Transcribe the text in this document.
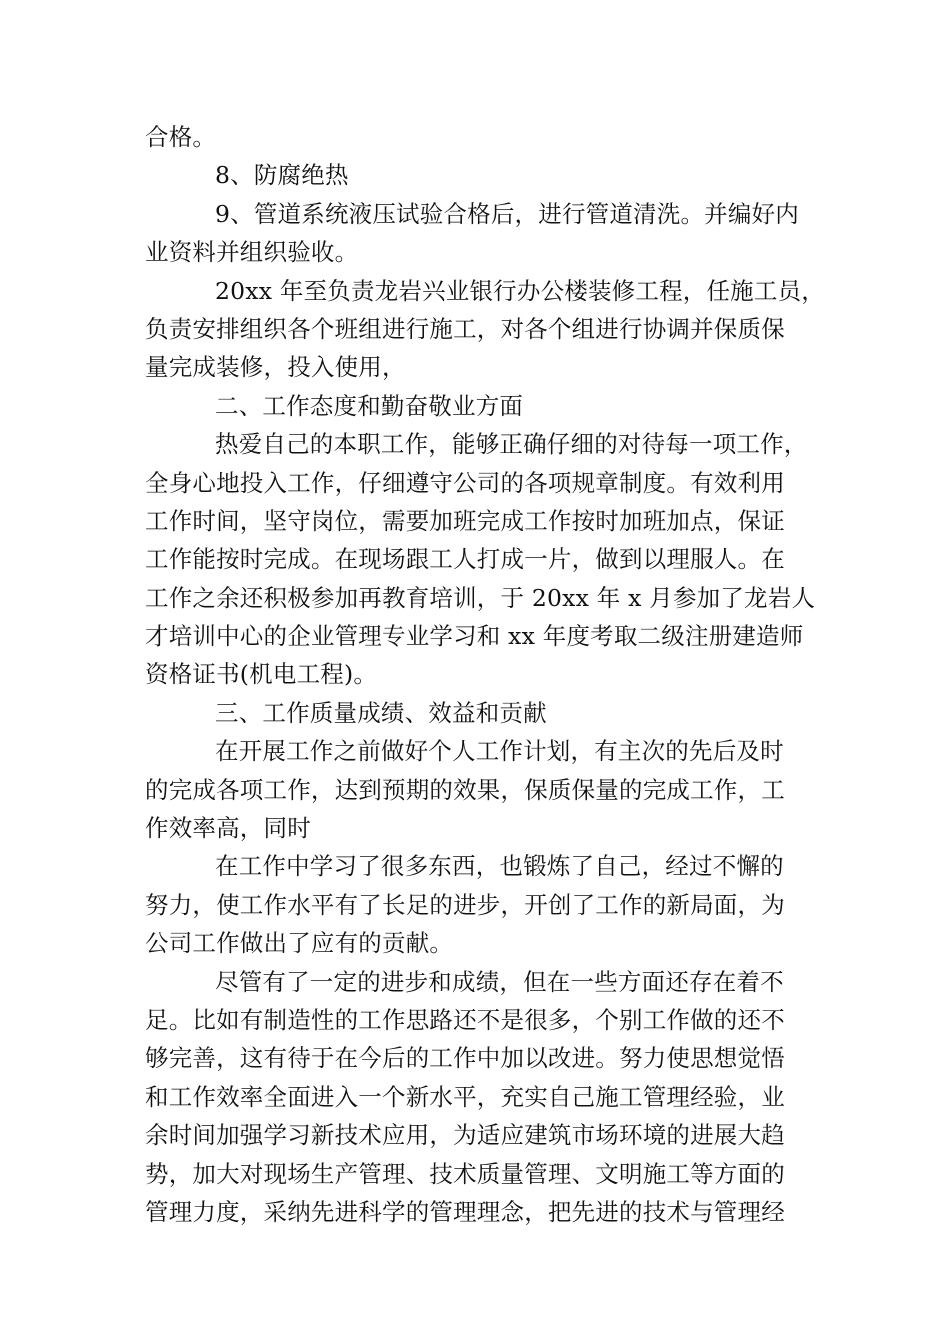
合格。
8、防腐绝热
9、管道系统液压试验合格后，进行管道清洗。并编好内
业资料并组织验收。
20xx 年至负责龙岩兴业银行办公楼装修工程，任施工员，
负责安排组织各个班组进行施工，对各个组进行协调并保质保
量完成装修，投入使用，
二、工作态度和勤奋敬业方面
热爱自己的本职工作，能够正确仔细的对待每一项工作，
全身心地投入工作，仔细遵守公司的各项规章制度。有效利用
工作时间，坚守岗位，需要加班完成工作按时加班加点，保证
工作能按时完成。在现场跟工人打成一片，做到以理服人。在
工作之余还积极参加再教育培训，于 20xx 年 x 月参加了龙岩人
才培训中心的企业管理专业学习和 xx 年度考取二级注册建造师
资格证书(机电工程)。
三、工作质量成绩、效益和贡献
在开展工作之前做好个人工作计划，有主次的先后及时
的完成各项工作，达到预期的效果，保质保量的完成工作，工
作效率高，同时
在工作中学习了很多东西，也锻炼了自己，经过不懈的
努力，使工作水平有了长足的进步，开创了工作的新局面，为
公司工作做出了应有的贡献。
尽管有了一定的进步和成绩，但在一些方面还存在着不
足。比如有制造性的工作思路还不是很多，个别工作做的还不
够完善，这有待于在今后的工作中加以改进。努力使思想觉悟
和工作效率全面进入一个新水平，充实自己施工管理经验，业
余时间加强学习新技术应用，为适应建筑市场环境的进展大趋
势，加大对现场生产管理、技术质量管理、文明施工等方面的
管理力度，采纳先进科学的管理理念，把先进的技术与管理经
